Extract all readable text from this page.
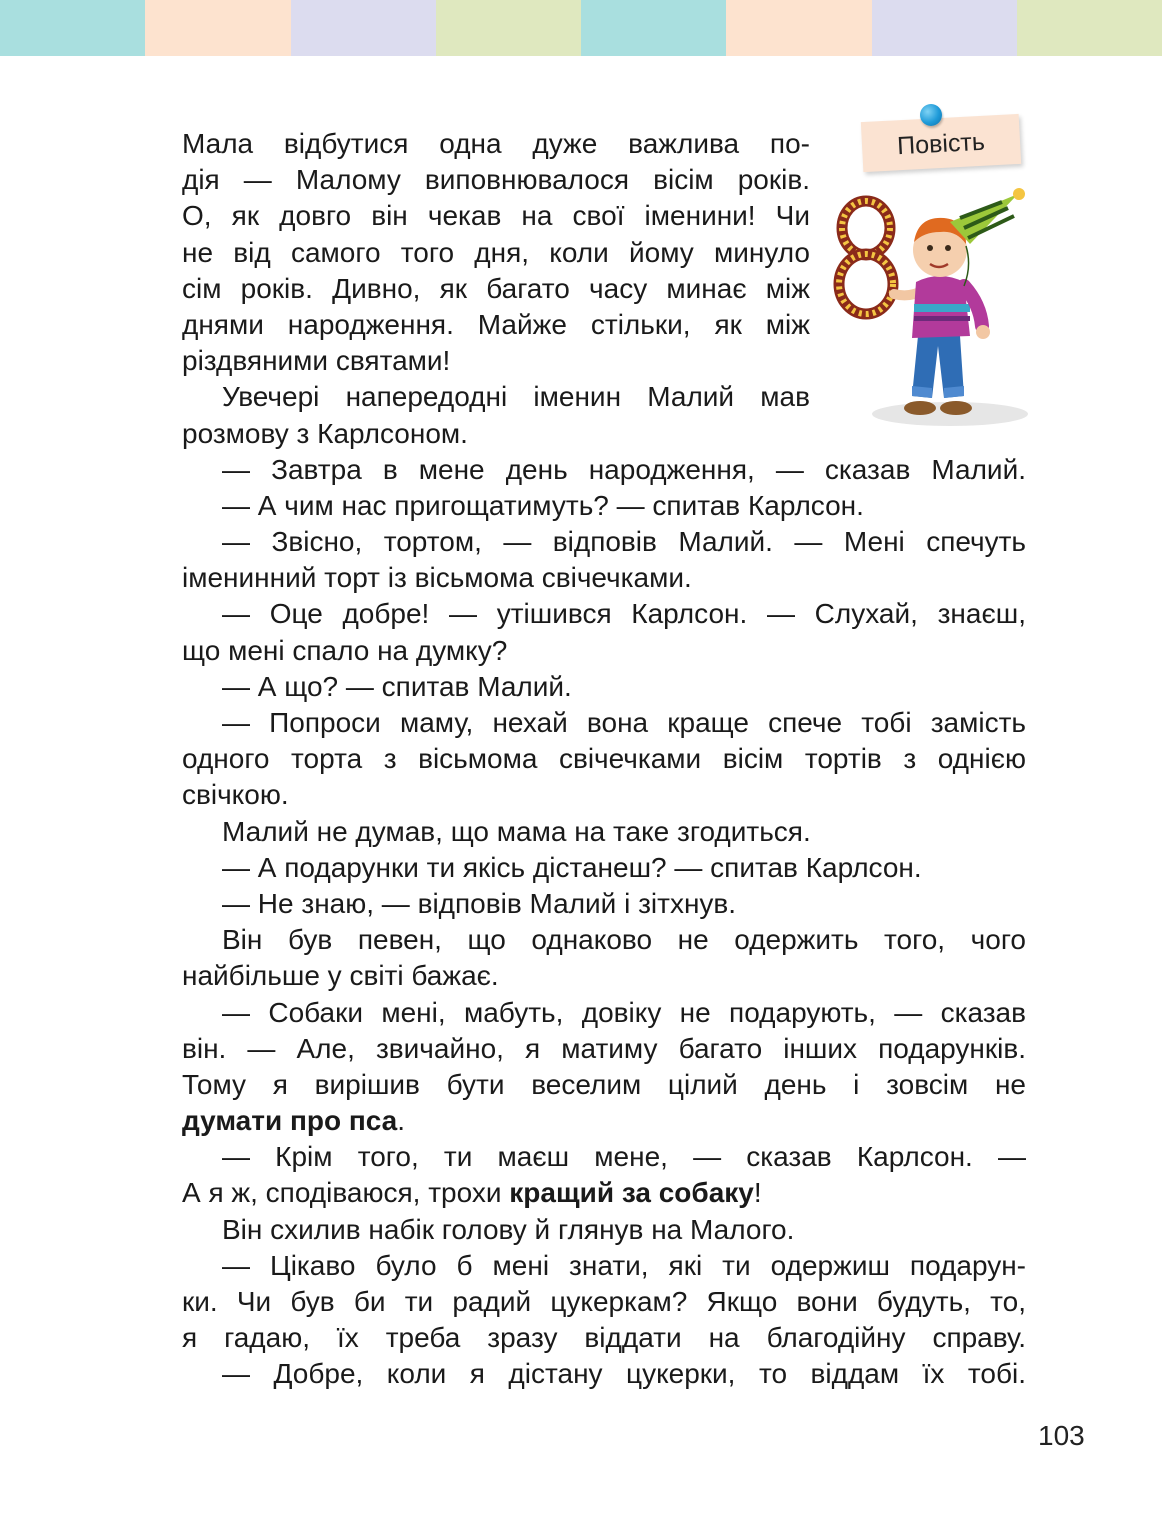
Повість
Мала відбутися одна дуже важлива по-
дія — Малому виповнювалося вісім років.
О, як довго він чекав на свої іменини! Чи
не від самого того дня, коли йому минуло
сім років. Дивно, як багато часу минає між
днями народження. Майже стільки, як між
різдвяними святами!
Увечері напередодні іменин Малий мав
розмову з Карлсоном.
— Завтра в мене день народження, — сказав Малий.
— А чим нас пригощатимуть? — спитав Карлсон.
— Звісно, тортом, — відповів Малий. — Мені спечуть
іменинний торт із вісьмома свічечками.
— Оце добре! — утішився Карлсон. — Слухай, знаєш,
що мені спало на думку?
— А що? — спитав Малий.
— Попроси маму, нехай вона краще спече тобі замість
одного торта з вісьмома свічечками вісім тортів з однією
свічкою.
Малий не думав, що мама на таке згодиться.
— А подарунки ти якісь дістанеш? — спитав Карлсон.
— Не знаю, — відповів Малий і зітхнув.
Він був певен, що однаково не одержить того, чого
найбільше у світі бажає.
— Собаки мені, мабуть, довіку не подарують, — сказав
він. — Але, звичайно, я матиму багато інших подарунків.
Тому я вирішив бути веселим цілий день і зовсім не
думати про пса.
— Крім того, ти маєш мене, — сказав Карлсон. —
А я ж, сподіваюся, трохи кращий за собаку!
Він схилив набік голову й глянув на Малого.
— Цікаво було б мені знати, які ти одержиш подарун-
ки. Чи був би ти радий цукеркам? Якщо вони будуть, то,
я гадаю, їх треба зразу віддати на благодійну справу.
— Добре, коли я дістану цукерки, то віддам їх тобі.
103
